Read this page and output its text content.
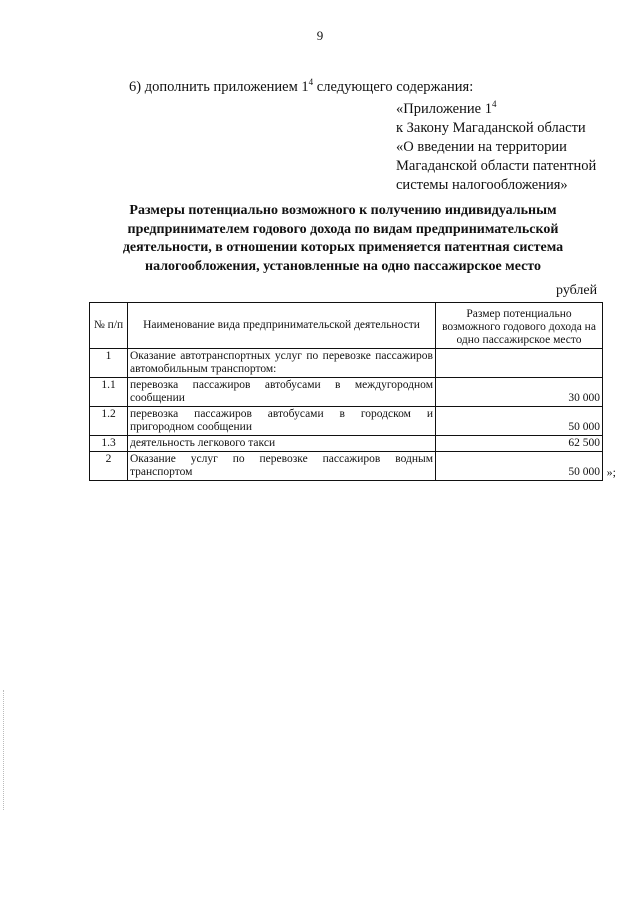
9
6) дополнить приложением $1^4$ следующего содержания:
«Приложение $1^4$
к Закону Магаданской области
«О введении на территории
Магаданской области патентной
системы налогообложения»
Размеры потенциально возможного к получению индивидуальным
предпринимателем годового дохода по видам предпринимательской
деятельности, в отношении которых применяется патентная система
налогообложения, установленные на одно пассажирское место
рублей
№ п/п	Наименование вида предпринимательской деятельности	Размер потенциально возможного годового дохода на одно пассажирское место
1	Оказание автотранспортных услуг по перевозке пассажиров автомобильным транспортом:	
1.1	перевозка пассажиров автобусами в междугородном сообщении	30 000
1.2	перевозка пассажиров автобусами в городском и пригородном сообщении	50 000
1.3	деятельность легкового такси	62 500
2	Оказание услуг по перевозке пассажиров водным транспортом	50 000 »;
